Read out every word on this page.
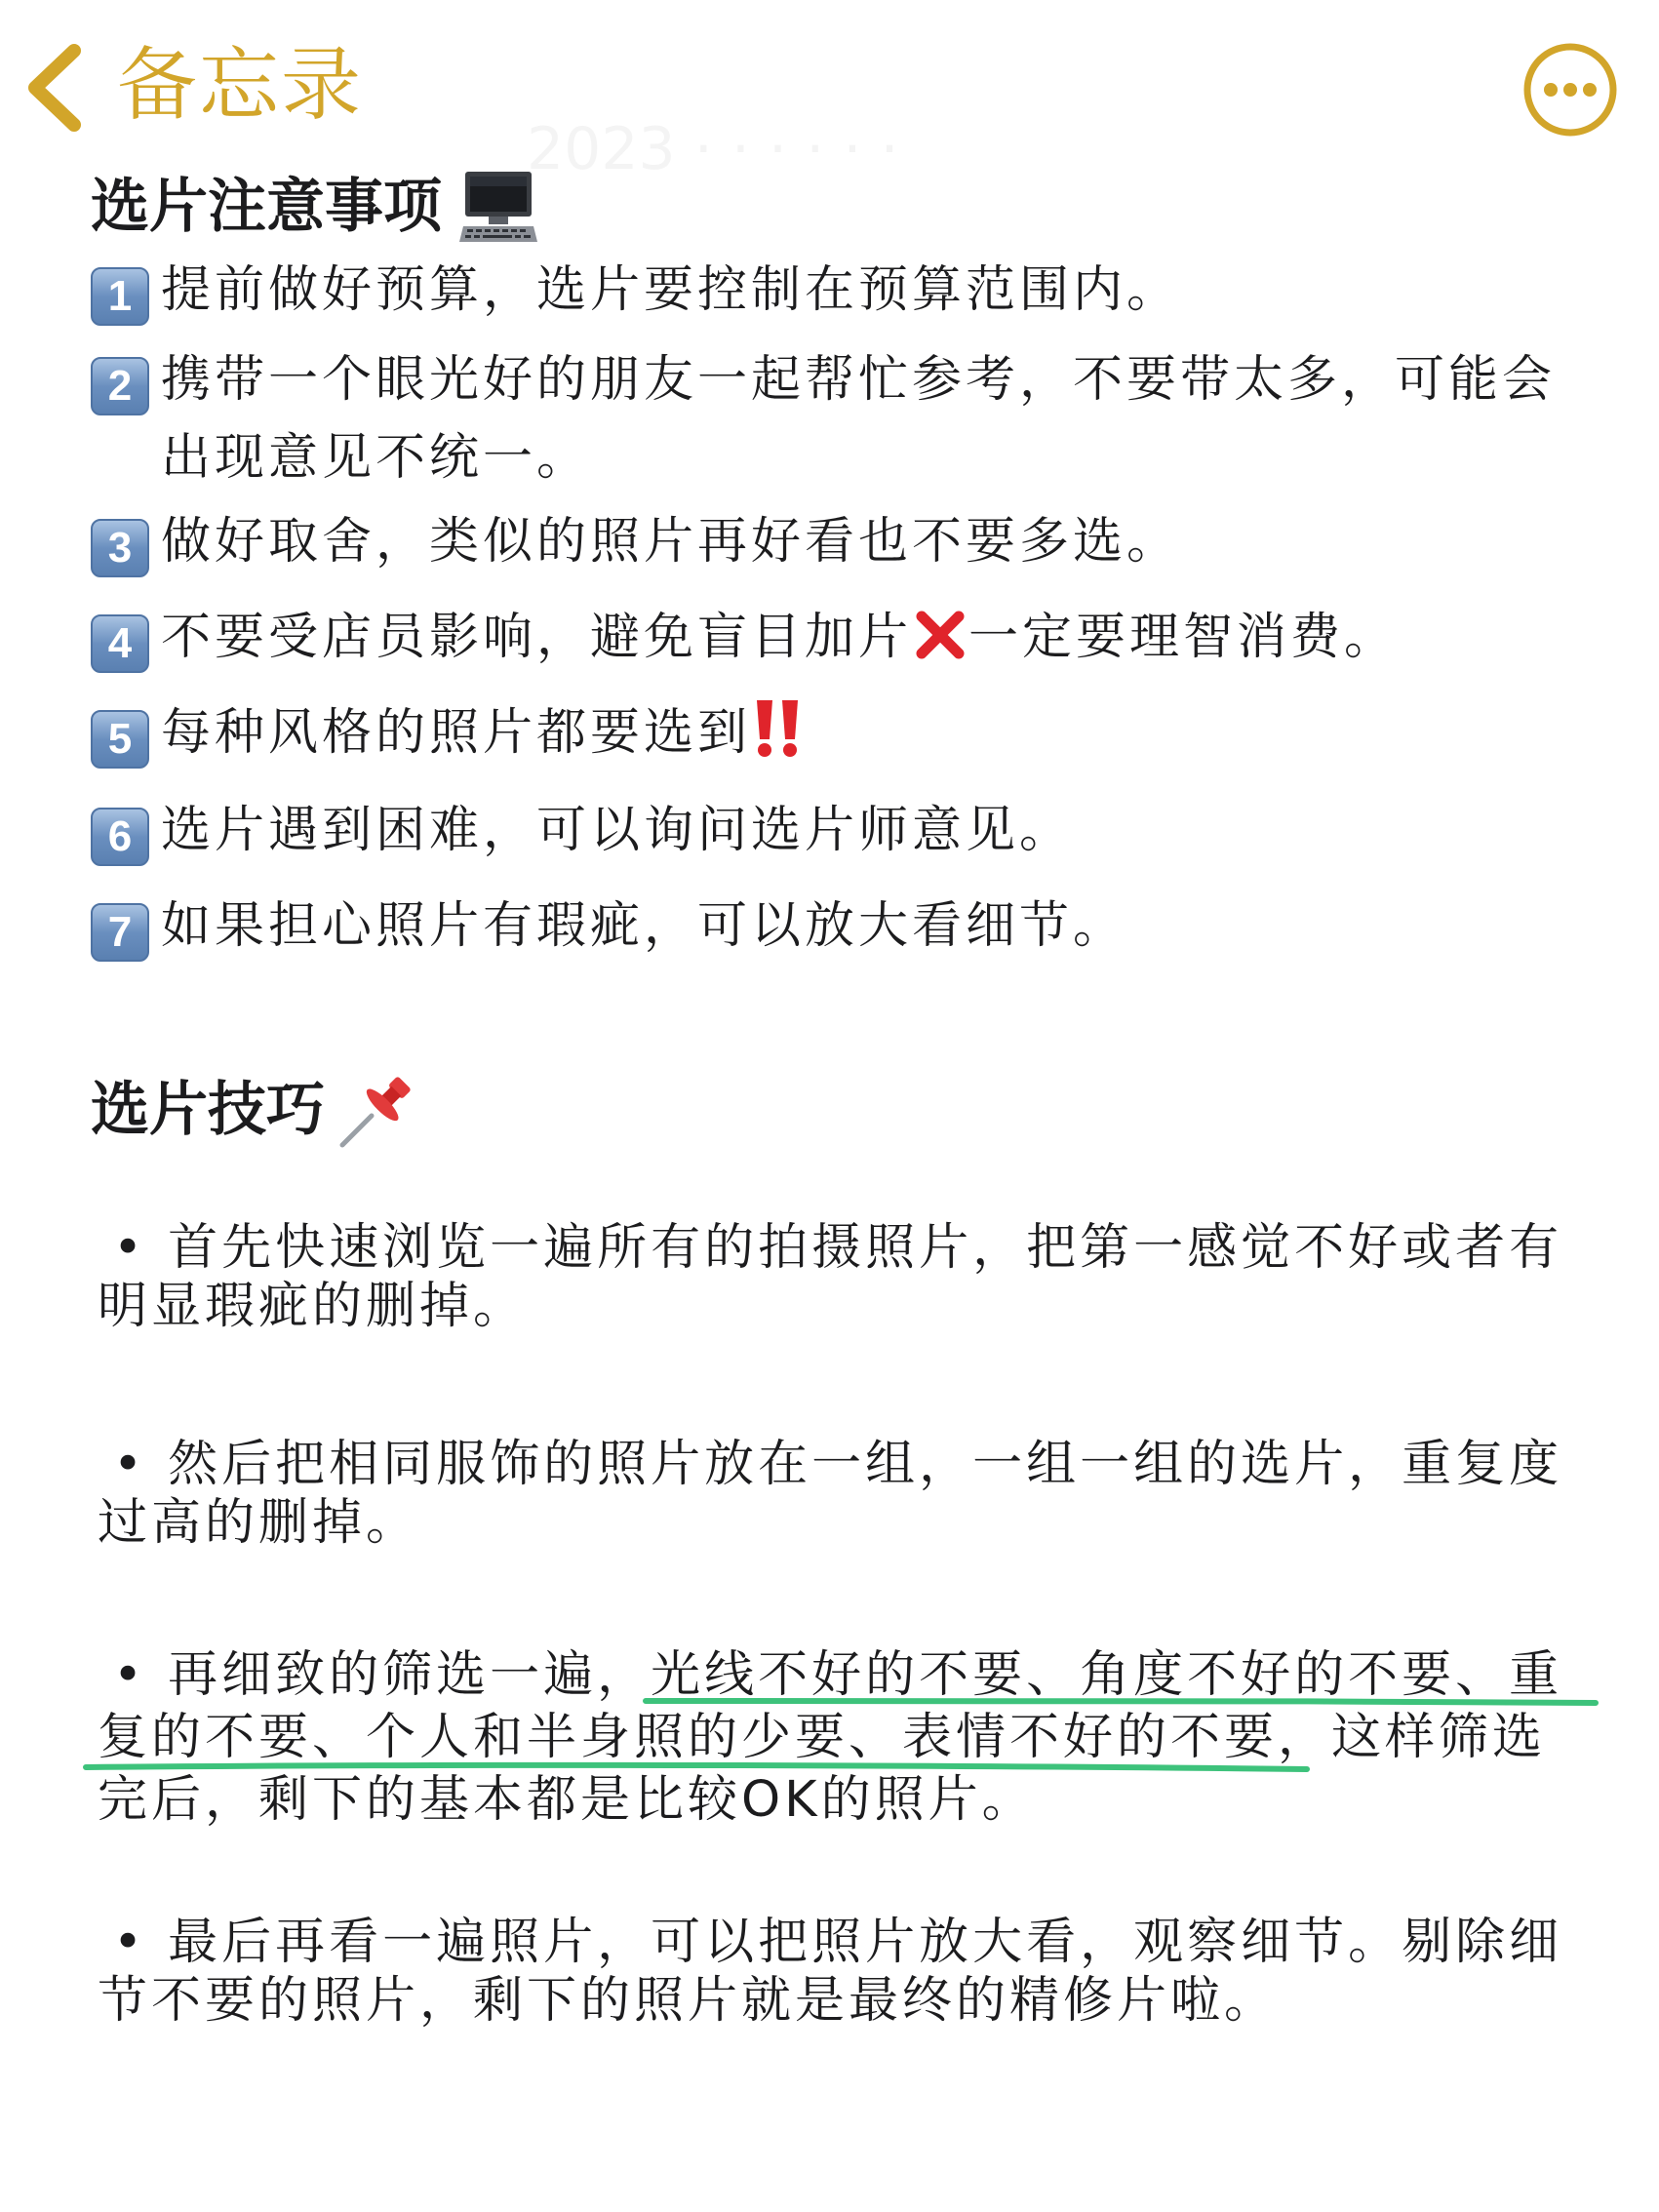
备忘录
选片注意事项
1 提前做好预算，选片要控制在预算范围内。
2 携带一个眼光好的朋友一起帮忙参考，不要带太多，可能会
出现意见不统一。
3 做好取舍，类似的照片再好看也不要多选。
4 不要受店员影响，避免盲目加片 一定要理智消费。
5 每种风格的照片都要选到
6 选片遇到困难，可以询问选片师意见。
7 如果担心照片有瑕疵，可以放大看细节。
选片技巧
• 首先快速浏览一遍所有的拍摄照片，把第一感觉不好或者有明显瑕疵的删掉。
• 然后把相同服饰的照片放在一组，一组一组的选片，重复度过高的删掉。
• 再细致的筛选一遍，光线不好的不要、角度不好的不要、重复的不要、个人和半身照的少要、表情不好的不要，这样筛选完后，剩下的基本都是比较OK的照片。
• 最后再看一遍照片，可以把照片放大看，观察细节。剔除细节不要的照片，剩下的照片就是最终的精修片啦。
